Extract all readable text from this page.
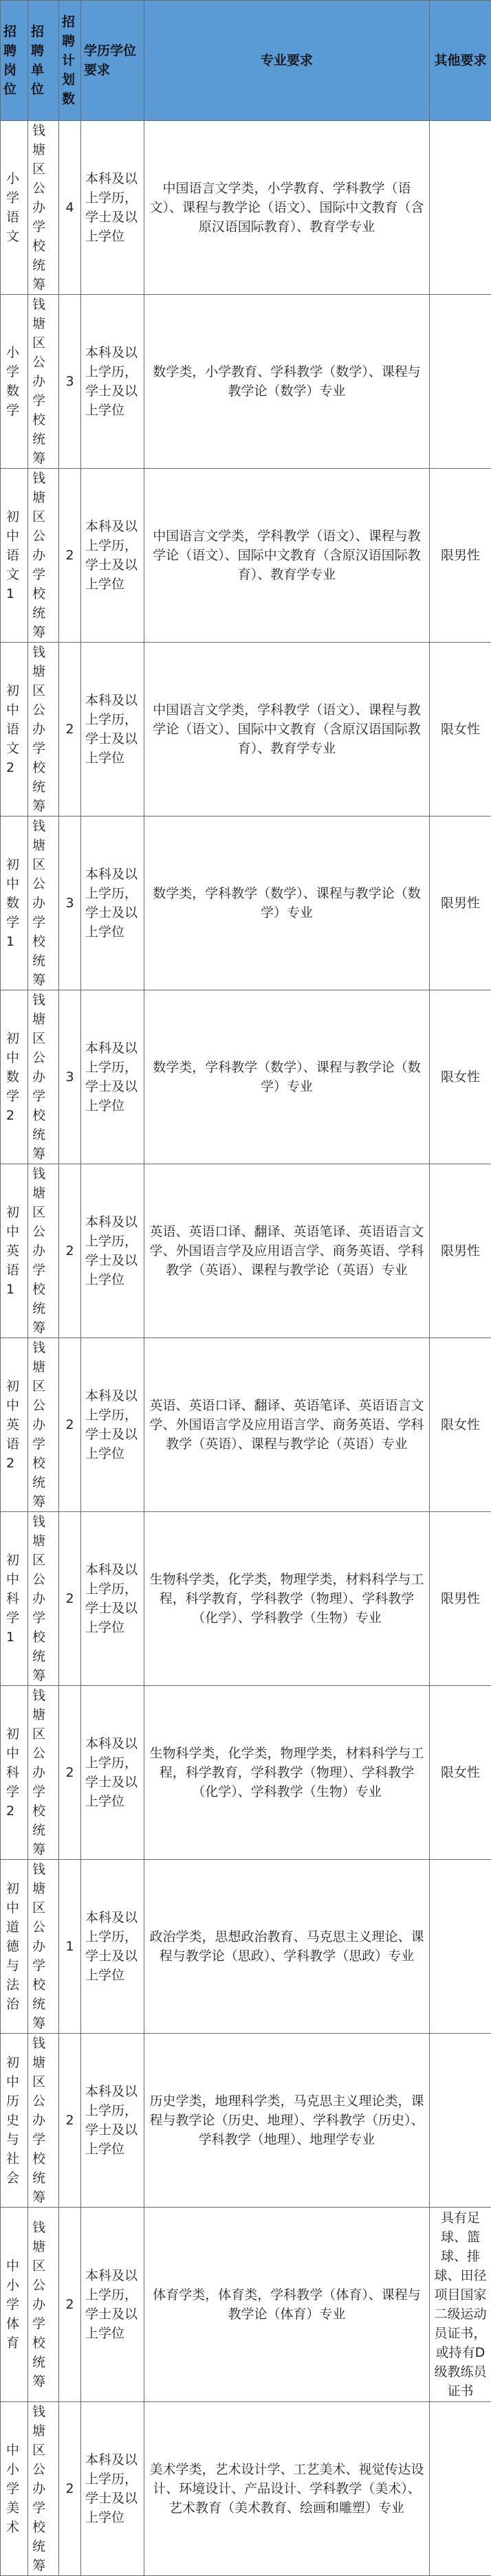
招聘岗位	招聘单位	招聘计划数	学历学位要求	专业要求	其他要求
小学语文	钱塘区公办学校统筹	4	本科及以上学历，学士及以上学位	中国语言文学类，小学教育、学科教学（语文）、课程与教学论（语文）、国际中文教育（含原汉语国际教育）、教育学专业	
小学数学	钱塘区公办学校统筹	3	本科及以上学历，学士及以上学位	数学类，小学教育、学科教学（数学）、课程与教学论（数学）专业	
初中语文1	钱塘区公办学校统筹	2	本科及以上学历，学士及以上学位	中国语言文学类，学科教学（语文）、课程与教学论（语文）、国际中文教育（含原汉语国际教育）、教育学专业	限男性
初中语文2	钱塘区公办学校统筹	2	本科及以上学历，学士及以上学位	中国语言文学类，学科教学（语文）、课程与教学论（语文）、国际中文教育（含原汉语国际教育）、教育学专业	限女性
初中数学1	钱塘区公办学校统筹	3	本科及以上学历，学士及以上学位	数学类，学科教学（数学）、课程与教学论（数学）专业	限男性
初中数学2	钱塘区公办学校统筹	3	本科及以上学历，学士及以上学位	数学类，学科教学（数学）、课程与教学论（数学）专业	限女性
初中英语1	钱塘区公办学校统筹	2	本科及以上学历，学士及以上学位	英语、英语口译、翻译、英语笔译、英语语言文学、外国语言学及应用语言学、商务英语、学科教学（英语）、课程与教学论（英语）专业	限男性
初中英语2	钱塘区公办学校统筹	2	本科及以上学历，学士及以上学位	英语、英语口译、翻译、英语笔译、英语语言文学、外国语言学及应用语言学、商务英语、学科教学（英语）、课程与教学论（英语）专业	限女性
初中科学1	钱塘区公办学校统筹	2	本科及以上学历，学士及以上学位	生物科学类，化学类，物理学类，材料科学与工程，科学教育，学科教学（物理）、学科教学（化学）、学科教学（生物）专业	限男性
初中科学2	钱塘区公办学校统筹	2	本科及以上学历，学士及以上学位	生物科学类，化学类，物理学类，材料科学与工程，科学教育，学科教学（物理）、学科教学（化学）、学科教学（生物）专业	限女性
初中道德与法治	钱塘区公办学校统筹	1	本科及以上学历，学士及以上学位	政治学类，思想政治教育、马克思主义理论、课程与教学论（思政）、学科教学（思政）专业	
初中历史与社会	钱塘区公办学校统筹	2	本科及以上学历，学士及以上学位	历史学类，地理科学类，马克思主义理论类，课程与教学论（历史、地理）、学科教学（历史）、学科教学（地理）、地理学专业	
中小学体育	钱塘区公办学校统筹	2	本科及以上学历，学士及以上学位	体育学类，体育类，学科教学（体育）、课程与教学论（体育）专业	具有足球、篮球、排球、田径项目国家二级运动员证书，或持有D级教练员证书
中小学美术	钱塘区公办学校统筹	2	本科及以上学历，学士及以上学位	美术学类，艺术设计学、工艺美术、视觉传达设计、环境设计、产品设计、学科教学（美术）、艺术教育（美术教育、绘画和雕塑）专业	
